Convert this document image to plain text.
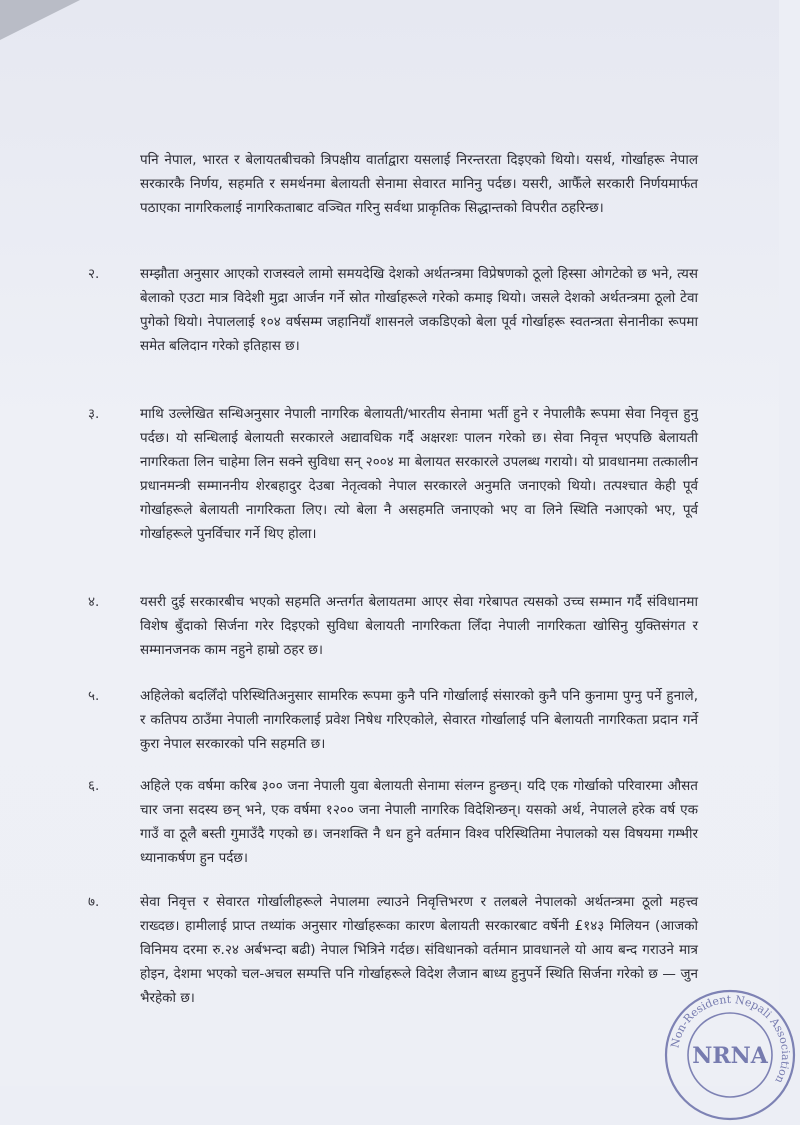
पनि नेपाल, भारत र बेलायतबीचको त्रिपक्षीय वार्ताद्वारा यसलाई निरन्तरता दिइएको थियो। यसर्थ, गोर्खाहरू नेपाल सरकारकै निर्णय, सहमति र समर्थनमा बेलायती सेनामा सेवारत मानिनु पर्दछ। यसरी, आफैँले सरकारी निर्णयमार्फत पठाएका नागरिकलाई नागरिकताबाट वञ्चित गरिनु सर्वथा प्राकृतिक सिद्धान्तको विपरीत ठहरिन्छ।
२.	सम्झौता अनुसार आएको राजस्वले लामो समयदेखि देशको अर्थतन्त्रमा विप्रेषणको ठूलो हिस्सा ओगटेको छ भने, त्यस बेलाको एउटा मात्र विदेशी मुद्रा आर्जन गर्ने स्रोत गोर्खाहरूले गरेको कमाइ थियो। जसले देशको अर्थतन्त्रमा ठूलो टेवा पुगेको थियो। नेपाललाई १०४ वर्षसम्म जहानियाँ शासनले जकडिएको बेला पूर्व गोर्खाहरू स्वतन्त्रता सेनानीका रूपमा समेत बलिदान गरेको इतिहास छ।
३.	माथि उल्लेखित सन्धिअनुसार नेपाली नागरिक बेलायती/भारतीय सेनामा भर्ती हुने र नेपालीकै रूपमा सेवा निवृत्त हुनु पर्दछ। यो सन्धिलाई बेलायती सरकारले अद्यावधिक गर्दै अक्षरशः पालन गरेको छ। सेवा निवृत्त भएपछि बेलायती नागरिकता लिन चाहेमा लिन सक्ने सुविधा सन् २००४ मा बेलायत सरकारले उपलब्ध गरायो। यो प्रावधानमा तत्कालीन प्रधानमन्त्री सम्माननीय शेरबहादुर देउबा नेतृत्वको नेपाल सरकारले अनुमति जनाएको थियो। तत्पश्चात केही पूर्व गोर्खाहरूले बेलायती नागरिकता लिए। त्यो बेला नै असहमति जनाएको भए वा लिने स्थिति नआएको भए, पूर्व गोर्खाहरूले पुनर्विचार गर्ने थिए होला।
४.	यसरी दुई सरकारबीच भएको सहमति अन्तर्गत बेलायतमा आएर सेवा गरेबापत त्यसको उच्च सम्मान गर्दै संविधानमा विशेष बुँदाको सिर्जना गरेर दिइएको सुविधा बेलायती नागरिकता लिँदा नेपाली नागरिकता खोसिनु युक्तिसंगत र सम्मानजनक काम नहुने हाम्रो ठहर छ।
५.	अहिलेको बदलिँदो परिस्थितिअनुसार सामरिक रूपमा कुनै पनि गोर्खालाई संसारको कुनै पनि कुनामा पुग्नु पर्ने हुनाले, र कतिपय ठाउँमा नेपाली नागरिकलाई प्रवेश निषेध गरिएकोले, सेवारत गोर्खालाई पनि बेलायती नागरिकता प्रदान गर्ने कुरा नेपाल सरकारको पनि सहमति छ।
६.	अहिले एक वर्षमा करिब ३०० जना नेपाली युवा बेलायती सेनामा संलग्न हुन्छन्। यदि एक गोर्खाको परिवारमा औसत चार जना सदस्य छन् भने, एक वर्षमा १२०० जना नेपाली नागरिक विदेशिन्छन्। यसको अर्थ, नेपालले हरेक वर्ष एक गाउँ वा ठूलै बस्ती गुमाउँदै गएको छ। जनशक्ति नै धन हुने वर्तमान विश्व परिस्थितिमा नेपालको यस विषयमा गम्भीर ध्यानाकर्षण हुन पर्दछ।
७.	सेवा निवृत्त र सेवारत गोर्खालीहरूले नेपालमा ल्याउने निवृत्तिभरण र तलबले नेपालको अर्थतन्त्रमा ठूलो महत्त्व राख्दछ। हामीलाई प्राप्त तथ्यांक अनुसार गोर्खाहरूका कारण बेलायती सरकारबाट वर्षेनी £१४३ मिलियन (आजको विनिमय दरमा रु.२४ अर्बभन्दा बढी) नेपाल भित्रिने गर्दछ। संविधानको वर्तमान प्रावधानले यो आय बन्द गराउने मात्र होइन, देशमा भएको चल-अचल सम्पत्ति पनि गोर्खाहरूले विदेश लैजान बाध्य हुनुपर्ने स्थिति सिर्जना गरेको छ — जुन भैरहेको छ।
Non-Resident Nepali Association
NRNA
